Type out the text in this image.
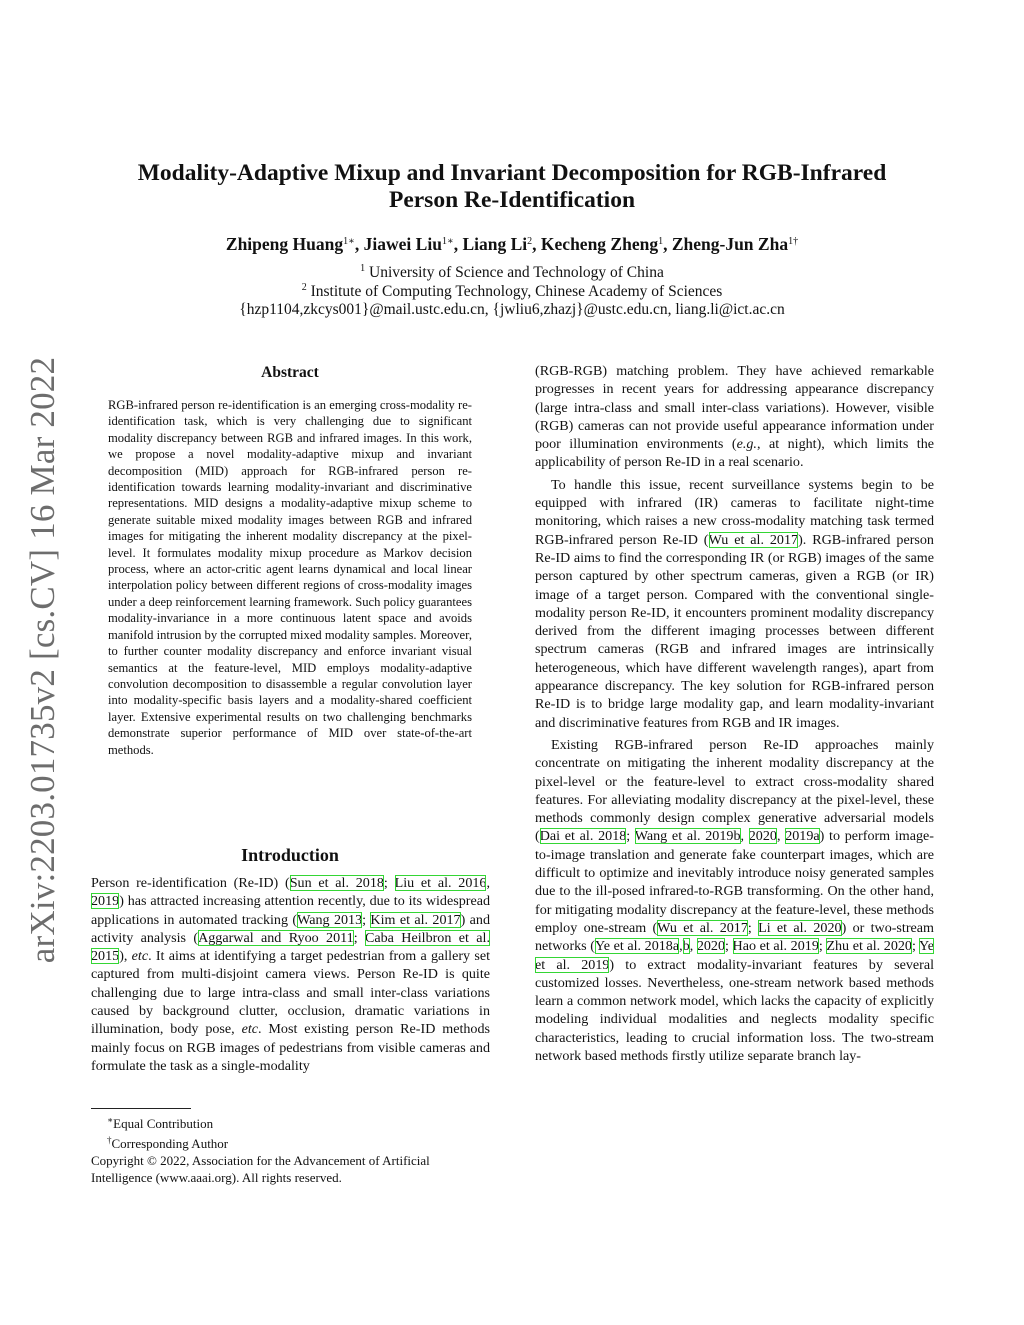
arXiv:2203.01735v2 [cs.CV] 16 Mar 2022
Modality-Adaptive Mixup and Invariant Decomposition for RGB-Infrared
Person Re-Identification
Zhipeng Huang$^{1∗}$, Jiawei Liu$^{1∗}$, Liang Li$^2$, Kecheng Zheng$^1$, Zheng-Jun Zha$^{1\dagger}$
$^1$ University of Science and Technology of China
$^2$ Institute of Computing Technology, Chinese Academy of Sciences
{hzp1104,zkcys001}@mail.ustc.edu.cn, {jwliu6,zhazj}@ustc.edu.cn, liang.li@ict.ac.cn
Abstract
RGB-infrared person re-identification is an emerging cross-modality re-identification task, which is very challenging due to significant modality discrepancy between RGB and infrared images. In this work, we propose a novel modality-adaptive mixup and invariant decomposition (MID) approach for RGB-infrared person re-identification towards learning modality-invariant and discriminative representations. MID designs a modality-adaptive mixup scheme to generate suitable mixed modality images between RGB and infrared images for mitigating the inherent modality discrepancy at the pixel-level. It formulates modality mixup procedure as Markov decision process, where an actor-critic agent learns dynamical and local linear interpolation policy between different regions of cross-modality images under a deep reinforcement learning framework. Such policy guarantees modality-invariance in a more continuous latent space and avoids manifold intrusion by the corrupted mixed modality samples. Moreover, to further counter modality discrepancy and enforce invariant visual semantics at the feature-level, MID employs modality-adaptive convolution decomposition to disassemble a regular convolution layer into modality-specific basis layers and a modality-shared coefficient layer. Extensive experimental results on two challenging benchmarks demonstrate superior performance of MID over state-of-the-art methods.
Introduction

Person re-identification (Re-ID) (Sun et al. 2018; Liu et al. 2016, 2019) has attracted increasing attention recently, due to its widespread applications in automated tracking (Wang 2013; Kim et al. 2017) and activity analysis (Aggarwal and Ryoo 2011; Caba Heilbron et al. 2015), etc. It aims at identifying a target pedestrian from a gallery set captured from multi-disjoint camera views. Person Re-ID is quite challenging due to large intra-class and small inter-class variations caused by background clutter, occlusion, dramatic variations in illumination, body pose, etc. Most existing person Re-ID methods mainly focus on RGB images of pedestrians from visible cameras and formulate the task as a single-modality

(RGB-RGB) matching problem. They have achieved remarkable progresses in recent years for addressing appearance discrepancy (large intra-class and small inter-class variations). However, visible (RGB) cameras can not provide useful appearance information under poor illumination environments (e.g., at night), which limits the applicability of person Re-ID in a real scenario.

To handle this issue, recent surveillance systems begin to be equipped with infrared (IR) cameras to facilitate night-time monitoring, which raises a new cross-modality matching task termed RGB-infrared person Re-ID (Wu et al. 2017). RGB-infrared person Re-ID aims to find the corresponding IR (or RGB) images of the same person captured by other spectrum cameras, given a RGB (or IR) image of a target person. Compared with the conventional single-modality person Re-ID, it encounters prominent modality discrepancy derived from the different imaging processes between different spectrum cameras (RGB and infrared images are intrinsically heterogeneous, which have different wavelength ranges), apart from appearance discrepancy. The key solution for RGB-infrared person Re-ID is to bridge large modality gap, and learn modality-invariant and discriminative features from RGB and IR images.

Existing RGB-infrared person Re-ID approaches mainly concentrate on mitigating the inherent modality discrepancy at the pixel-level or the feature-level to extract cross-modality shared features. For alleviating modality discrepancy at the pixel-level, these methods commonly design complex generative adversarial models (Dai et al. 2018; Wang et al. 2019b, 2020, 2019a) to perform image-to-image translation and generate fake counterpart images, which are difficult to optimize and inevitably introduce noisy generated samples due to the ill-posed infrared-to-RGB transforming. On the other hand, for mitigating modality discrepancy at the feature-level, these methods employ one-stream (Wu et al. 2017; Li et al. 2020) or two-stream networks (Ye et al. 2018a,b, 2020; Hao et al. 2019; Zhu et al. 2020; Ye et al. 2019) to extract modality-invariant features by several customized losses. Nevertheless, one-stream network based methods learn a common network model, which lacks the capacity of explicitly modeling individual modalities and neglects modality specific characteristics, leading to crucial information loss. The two-stream network based methods firstly utilize separate branch lay-

∗Equal Contribution
†Corresponding Author
Copyright © 2022, Association for the Advancement of Artificial Intelligence (www.aaai.org). All rights reserved.
